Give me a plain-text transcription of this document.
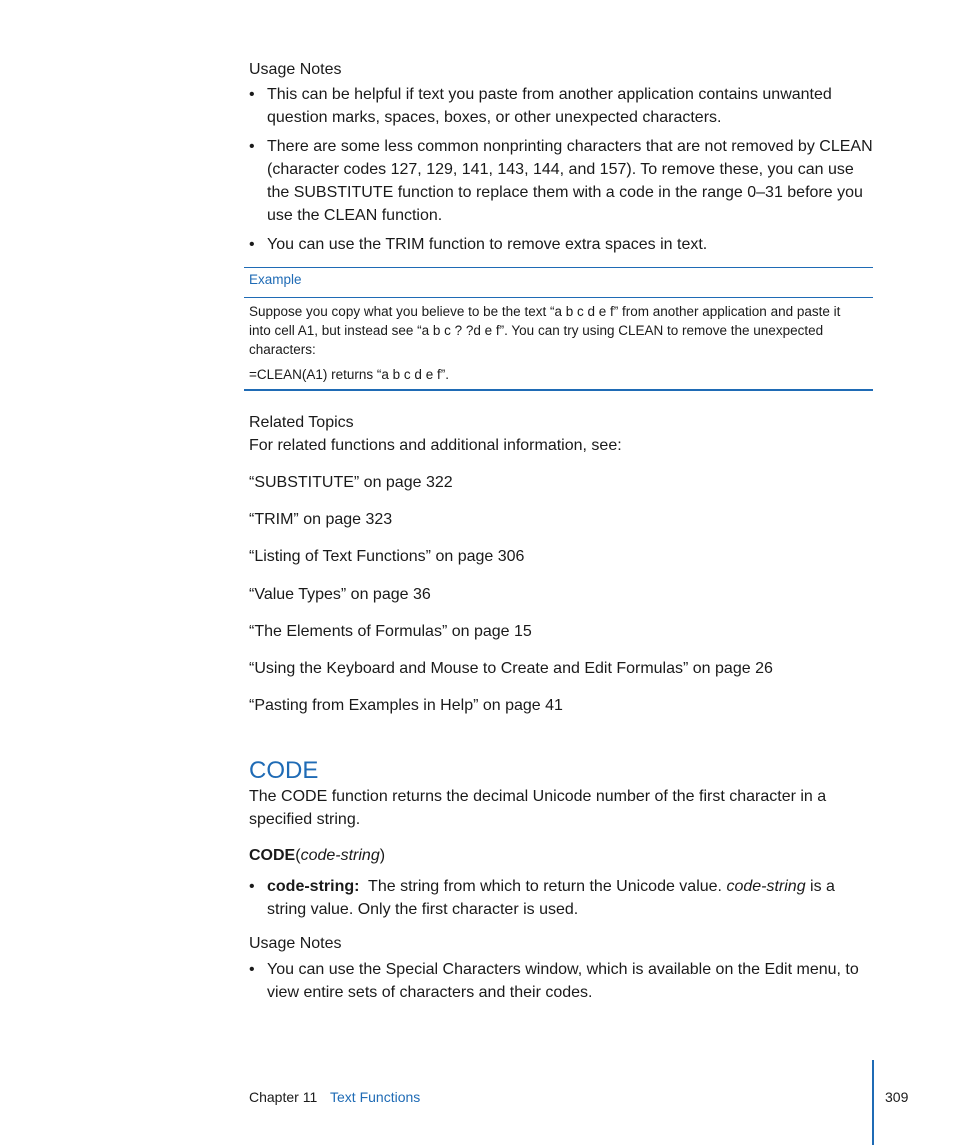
Usage Notes
• This can be helpful if text you paste from another application contains unwanted question marks, spaces, boxes, or other unexpected characters.
• There are some less common nonprinting characters that are not removed by CLEAN (character codes 127, 129, 141, 143, 144, and 157). To remove these, you can use the SUBSTITUTE function to replace them with a code in the range 0–31 before you use the CLEAN function.
• You can use the TRIM function to remove extra spaces in text.
Example
Suppose you copy what you believe to be the text “a b c d e f” from another application and paste it into cell A1, but instead see “a b c ? ?d e f”. You can try using CLEAN to remove the unexpected characters:
=CLEAN(A1) returns “a b c d e f”.
Related Topics
For related functions and additional information, see:
“SUBSTITUTE” on page 322
“TRIM” on page 323
“Listing of Text Functions” on page 306
“Value Types” on page 36
“The Elements of Formulas” on page 15
“Using the Keyboard and Mouse to Create and Edit Formulas” on page 26
“Pasting from Examples in Help” on page 41
CODE
The CODE function returns the decimal Unicode number of the first character in a specified string.
CODE(code-string)
• code-string:  The string from which to return the Unicode value. code-string is a string value. Only the first character is used.
Usage Notes
• You can use the Special Characters window, which is available on the Edit menu, to view entire sets of characters and their codes.
Chapter 11 Text Functions	309
